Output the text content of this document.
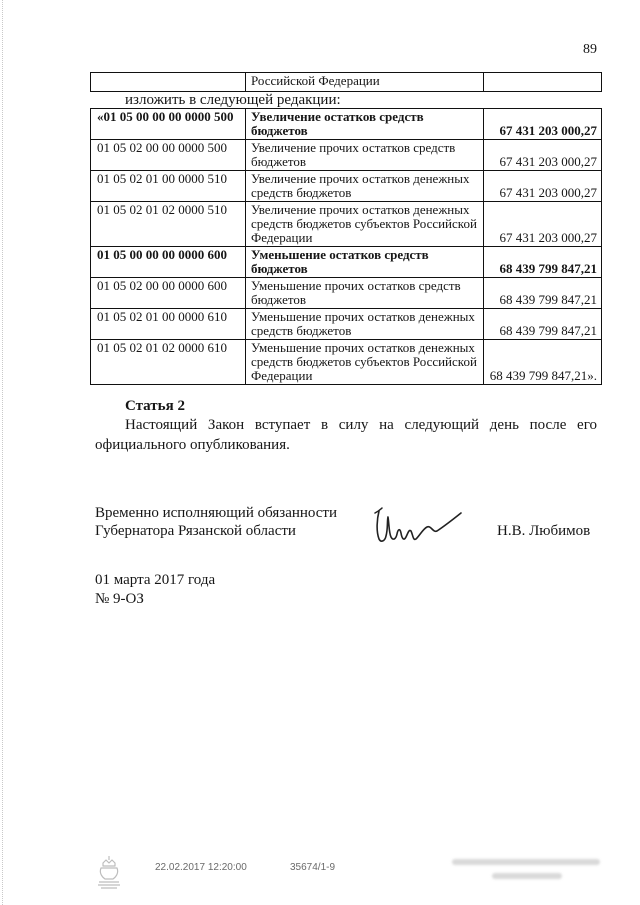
89
	Российской Федерации	
изложить в следующей редакции:
«01 05 00 00 00 0000 500	Увеличение остатков средств бюджетов	67 431 203 000,27
01 05 02 00 00 0000 500	Увеличение прочих остатков средств бюджетов	67 431 203 000,27
01 05 02 01 00 0000 510	Увеличение прочих остатков денежных средств бюджетов	67 431 203 000,27
01 05 02 01 02 0000 510	Увеличение прочих остатков денежных средств бюджетов субъектов Российской Федерации	67 431 203 000,27
01 05 00 00 00 0000 600	Уменьшение остатков средств бюджетов	68 439 799 847,21
01 05 02 00 00 0000 600	Уменьшение прочих остатков средств бюджетов	68 439 799 847,21
01 05 02 01 00 0000 610	Уменьшение прочих остатков денежных средств бюджетов	68 439 799 847,21
01 05 02 01 02 0000 610	Уменьшение прочих остатков денежных средств бюджетов субъектов Российской Федерации	68 439 799 847,21».
Статья 2

Настоящий Закон вступает в силу на следующий день после его официального опубликования.

Временно исполняющий обязанности
Губернатора Рязанской области	Н.В. Любимов
01 марта 2017 года
№ 9-ОЗ
22.02.2017 12:20:00	35674/1-9
